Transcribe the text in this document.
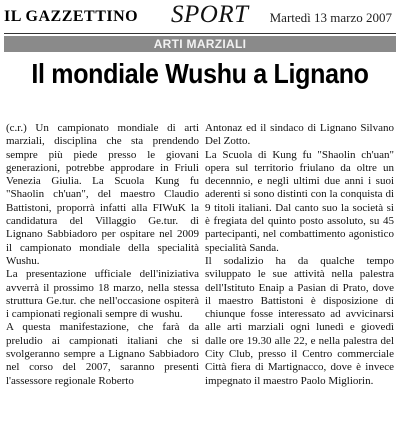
IL GAZZETTINO SPORT Martedì 13 marzo 2007
ARTI MARZIALI
Il mondiale Wushu a Lignano

(c.r.) Un campionato mondiale di arti marziali, disciplina che sta prendendo sempre più piede presso le giovani generazioni, potrebbe approdare in Friuli Venezia Giulia. La Scuola Kung fu "Shaolin ch'uan", del maestro Claudio Battistoni, proporrà infatti alla FIWuK la candidatura del Villaggio Ge.tur. di Lignano Sabbiadoro per ospitare nel 2009 il campionato mondiale della specialità Wushu.

La presentazione ufficiale dell'iniziativa avverrà il prossimo 18 marzo, nella stessa struttura Ge.tur. che nell'occasione ospiterà i campionati regionali sempre di wushu.

A questa manifestazione, che farà da preludio ai campionati italiani che si svolgeranno sempre a Lignano Sabbiadoro nel corso del 2007, saranno presenti l'assessore regionale Roberto

Antonaz ed il sindaco di Lignano Silvano Del Zotto.

La Scuola di Kung fu "Shaolin ch'uan" opera sul territorio friulano da oltre un decennnio, e negli ultimi due anni i suoi aderenti si sono distinti con la conquista di 9 titoli italiani. Dal canto suo la società si è fregiata del quinto posto assoluto, su 45 partecipanti, nel combattimento agonistico specialità Sanda.

Il sodalizio ha da qualche tempo sviluppato le sue attività nella palestra dell'Istituto Enaip a Pasian di Prato, dove il maestro Battistoni è disposizione di chiunque fosse interessato ad avvicinarsi alle arti marziali ogni lunedì e giovedì dalle ore 19.30 alle 22, e nella palestra del City Club, presso il Centro commerciale Città fiera di Martignacco, dove è invece impegnato il maestro Paolo Migliorin.
